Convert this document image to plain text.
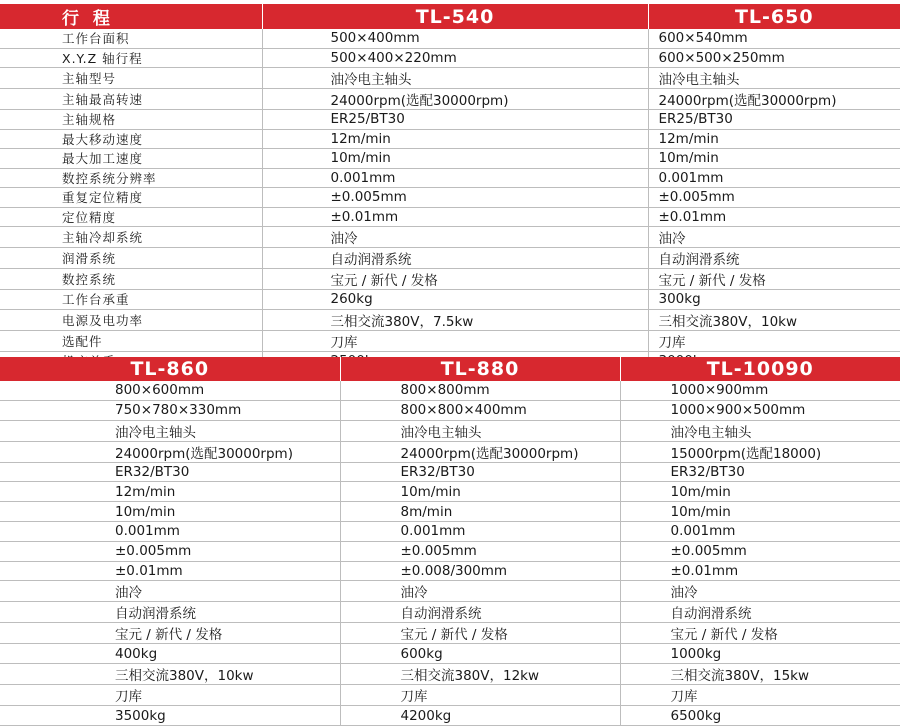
行 程	TL-540	TL-650
工作台面积	500×400mm	600×540mm
X.Y.Z 轴行程	500×400×220mm	600×500×250mm
主轴型号	油冷电主轴头	油冷电主轴头
主轴最高转速	24000rpm(选配30000rpm)	24000rpm(选配30000rpm)
主轴规格	ER25/BT30	ER25/BT30
最大移动速度	12m/min	12m/min
最大加工速度	10m/min	10m/min
数控系统分辨率	0.001mm	0.001mm
重复定位精度	±0.005mm	±0.005mm
定位精度	±0.01mm	±0.01mm
主轴冷却系统	油冷	油冷
润滑系统	自动润滑系统	自动润滑系统
数控系统	宝元 / 新代 / 发格	宝元 / 新代 / 发格
工作台承重	260kg	300kg
电源及电功率	三相交流380V，7.5kw	三相交流380V，10kw
选配件	刀库	刀库

TL-860	TL-880	TL-10090
800×600mm	800×800mm	1000×900mm
750×780×330mm	800×800×400mm	1000×900×500mm
油冷电主轴头	油冷电主轴头	油冷电主轴头
24000rpm(选配30000rpm)	24000rpm(选配30000rpm)	15000rpm(选配18000)
ER32/BT30	ER32/BT30	ER32/BT30
12m/min	10m/min	10m/min
10m/min	8m/min	10m/min
0.001mm	0.001mm	0.001mm
±0.005mm	±0.005mm	±0.005mm
±0.01mm	±0.008/300mm	±0.01mm
油冷	油冷	油冷
自动润滑系统	自动润滑系统	自动润滑系统
宝元 / 新代 / 发格	宝元 / 新代 / 发格	宝元 / 新代 / 发格
400kg	600kg	1000kg
三相交流380V，10kw	三相交流380V，12kw	三相交流380V，15kw
刀库	刀库	刀库
3500kg	4200kg	6500kg
